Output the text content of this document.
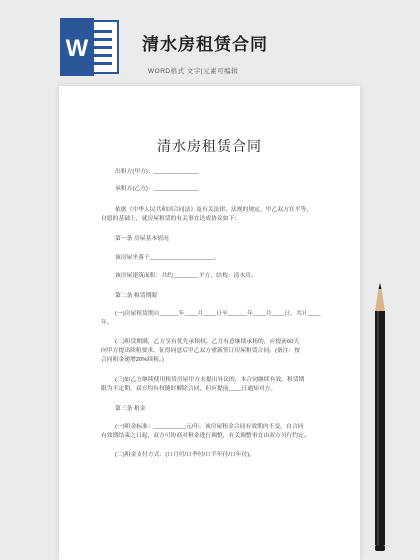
W	清水房租赁合同
WORD格式 文字|元素可编辑
清水房租赁合同
出租方(甲方)：______________
承租方(乙方)：______________
依据《中华人民共和国合同法》及有关法律、法规的规定，甲乙双方在平等、
自愿的基础上，就房屋租赁的有关事宜达成协议如下：
第一条 房屋基本情况
该房屋坐落于____________________。
该房屋建筑面积：共约________平方，结构：清水房。
第二条 租赁期限
(一)房屋租赁期自______年____月____日至______年____月____日，共计____
年。
(二)租赁期满，乙方享有优先承租权。乙方有意继续承租的，应提前60天
向甲方提出续租要求，征得同意后甲乙双方重新签订房屋租赁合同。(备注：按
合同租金递增20%续租。)
(三)如乙方继续使用租赁房屋甲方未提出异议的，本合同继续有效。租赁期
限为不定期，双方均有权随时解除合同，但应提前____日通知对方。
第三条 租金
(一)租金标准：__________元/年。该房屋租金合同有效期内不变，自合同
有效期结束之日起，双方可协商对租金进行调整，有关调整事宜由双方另行约定。
(二)租金支付方式：(口月付/口季付/口半年付/口年付)。
